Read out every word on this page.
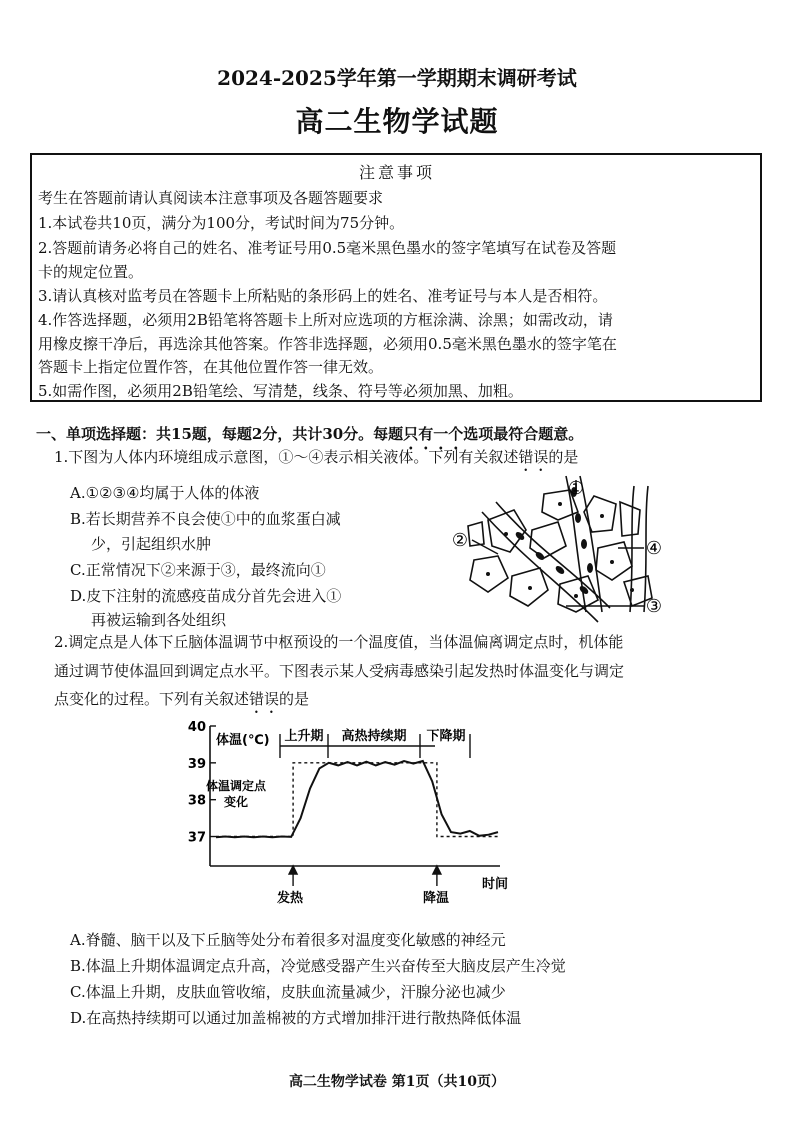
2024-2025学年第一学期期末调研考试
高二生物学试题
注意事项
考生在答题前请认真阅读本注意事项及各题答题要求
1.本试卷共10页，满分为100分，考试时间为75分钟。
2.答题前请务必将自己的姓名、准考证号用0.5毫米黑色墨水的签字笔填写在试卷及答题
卡的规定位置。
3.请认真核对监考员在答题卡上所粘贴的条形码上的姓名、准考证号与本人是否相符。
4.作答选择题，必须用2B铅笔将答题卡上所对应选项的方框涂满、涂黑；如需改动，请
用橡皮擦干净后，再选涂其他答案。作答非选择题，必须用0.5毫米黑色墨水的签字笔在
答题卡上指定位置作答，在其他位置作答一律无效。
5.如需作图，必须用2B铅笔绘、写清楚，线条、符号等必须加黑、加粗。
一、单项选择题：共15题，每题2分，共计30分。每题只有一个选项最符合题意。
1.下图为人体内环境组成示意图，①～④表示相关液体。下列有关叙述错误的是
A.①②③④均属于人体的体液
B.若长期营养不良会使①中的血浆蛋白减
少，引起组织水肿
C.正常情况下②来源于③，最终流向①
D.皮下注射的流感疫苗成分首先会进入①
再被运输到各处组织
①
②
③
④
2.调定点是人体下丘脑体温调节中枢预设的一个温度值，当体温偏离调定点时，机体能
通过调节使体温回到调定点水平。下图表示某人受病毒感染引起发热时体温变化与调定
点变化的过程。下列有关叙述错误的是
40
39
38
37
体温(℃)
时间
上升期 高热持续期 下降期
体温调定点
变化
发热	降温
A.脊髓、脑干以及下丘脑等处分布着很多对温度变化敏感的神经元
B.体温上升期体温调定点升高，冷觉感受器产生兴奋传至大脑皮层产生冷觉
C.体温上升期，皮肤血管收缩，皮肤血流量减少，汗腺分泌也减少
D.在高热持续期可以通过加盖棉被的方式增加排汗进行散热降低体温
高二生物学试卷 第1页（共10页）
